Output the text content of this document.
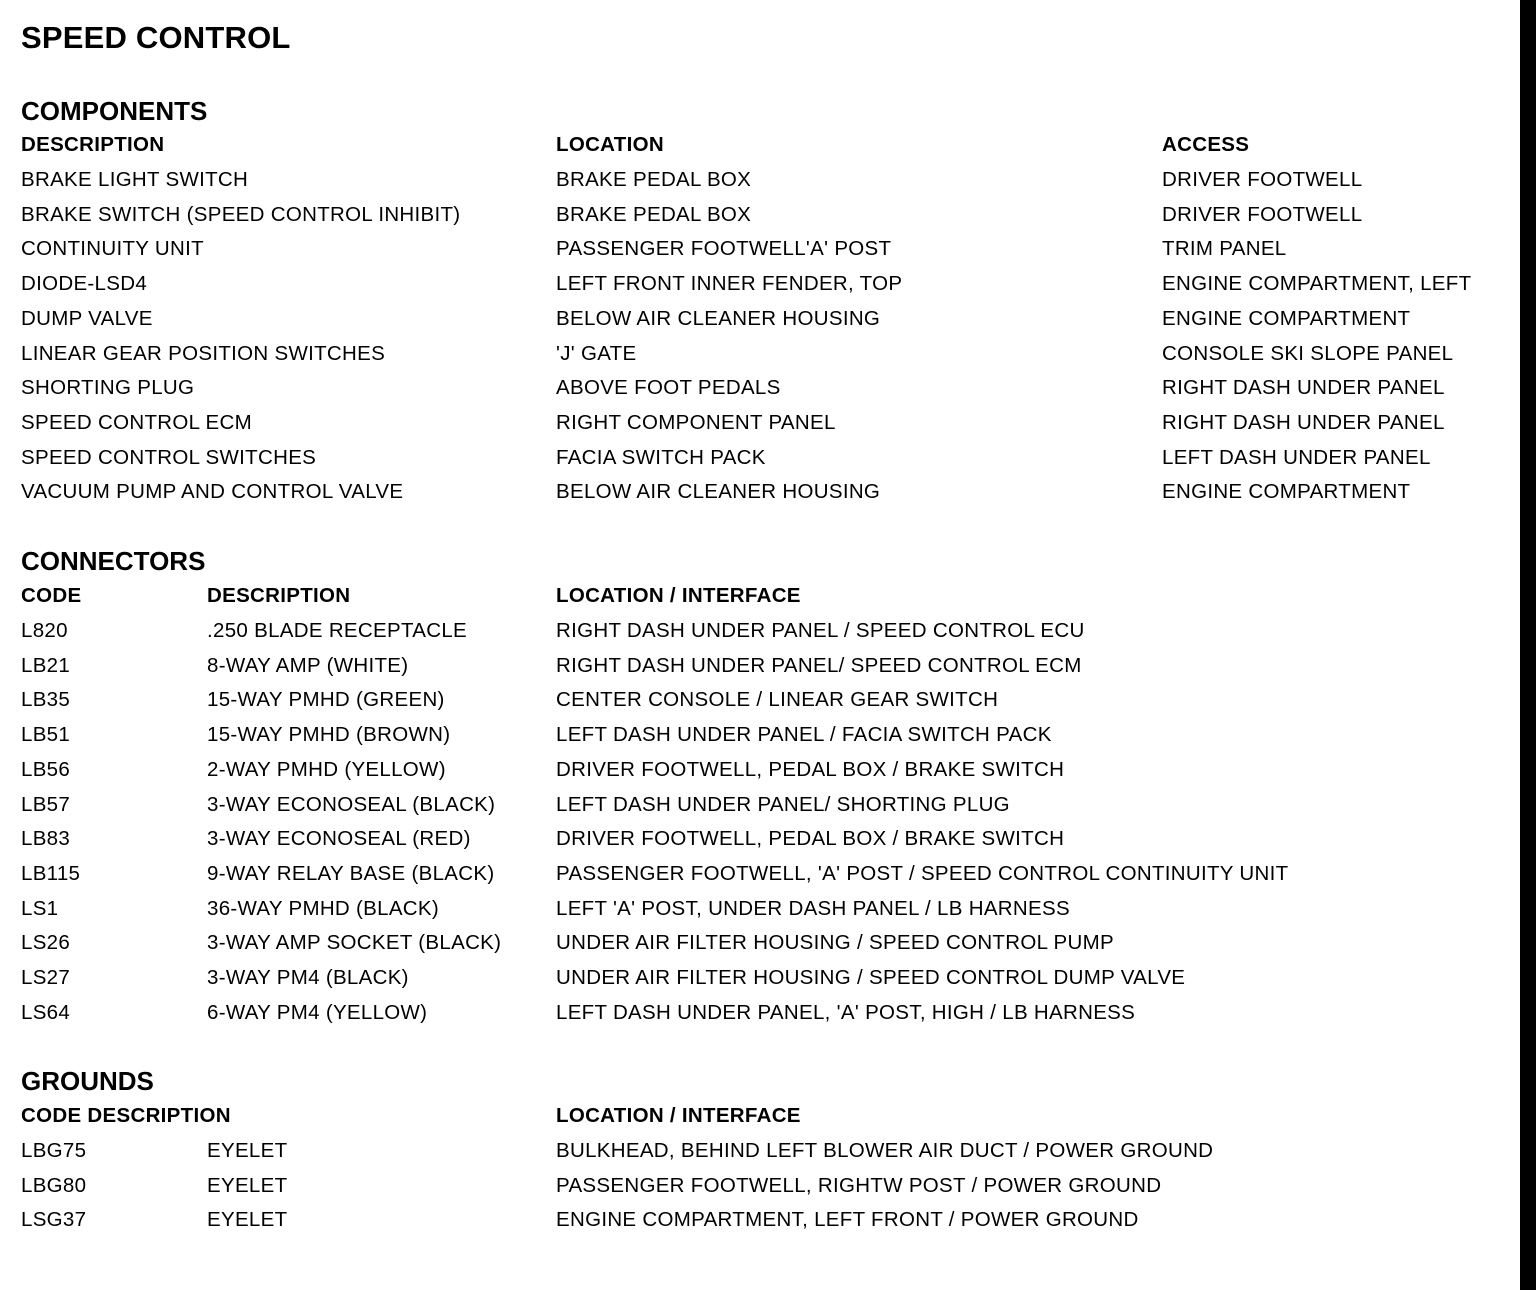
SPEED CONTROL
COMPONENTS
DESCRIPTION	LOCATION	ACCESS
BRAKE LIGHT SWITCH	BRAKE PEDAL BOX	DRIVER FOOTWELL
BRAKE SWITCH (SPEED CONTROL INHIBIT)	BRAKE PEDAL BOX	DRIVER FOOTWELL
CONTINUITY UNIT	PASSENGER FOOTWELL'A' POST	TRIM PANEL
DIODE-LSD4	LEFT FRONT INNER FENDER, TOP	ENGINE COMPARTMENT, LEFT
DUMP VALVE	BELOW AIR CLEANER HOUSING	ENGINE COMPARTMENT
LINEAR GEAR POSITION SWITCHES	'J' GATE	CONSOLE SKI SLOPE PANEL
SHORTING PLUG	ABOVE FOOT PEDALS	RIGHT DASH UNDER PANEL
SPEED CONTROL ECM	RIGHT COMPONENT PANEL	RIGHT DASH UNDER PANEL
SPEED CONTROL SWITCHES	FACIA SWITCH PACK	LEFT DASH UNDER PANEL
VACUUM PUMP AND CONTROL VALVE	BELOW AIR CLEANER HOUSING	ENGINE COMPARTMENT
CONNECTORS
CODE	DESCRIPTION	LOCATION / INTERFACE
L820	.250 BLADE RECEPTACLE	RIGHT DASH UNDER PANEL / SPEED CONTROL ECU
LB21	8-WAY AMP (WHITE)	RIGHT DASH UNDER PANEL/ SPEED CONTROL ECM
LB35	15-WAY PMHD (GREEN)	CENTER CONSOLE / LINEAR GEAR SWITCH
LB51	15-WAY PMHD (BROWN)	LEFT DASH UNDER PANEL / FACIA SWITCH PACK
LB56	2-WAY PMHD (YELLOW)	DRIVER FOOTWELL, PEDAL BOX / BRAKE SWITCH
LB57	3-WAY ECONOSEAL (BLACK)	LEFT DASH UNDER PANEL/ SHORTING PLUG
LB83	3-WAY ECONOSEAL (RED)	DRIVER FOOTWELL, PEDAL BOX / BRAKE SWITCH
LB115	9-WAY RELAY BASE (BLACK)	PASSENGER FOOTWELL, 'A' POST / SPEED CONTROL CONTINUITY UNIT
LS1	36-WAY PMHD (BLACK)	LEFT 'A' POST, UNDER DASH PANEL / LB HARNESS
LS26	3-WAY AMP SOCKET (BLACK)	UNDER AIR FILTER HOUSING / SPEED CONTROL PUMP
LS27	3-WAY PM4 (BLACK)	UNDER AIR FILTER HOUSING / SPEED CONTROL DUMP VALVE
LS64	6-WAY PM4 (YELLOW)	LEFT DASH UNDER PANEL, 'A' POST, HIGH / LB HARNESS
GROUNDS
CODE DESCRIPTION	LOCATION / INTERFACE
LBG75	EYELET	BULKHEAD, BEHIND LEFT BLOWER AIR DUCT / POWER GROUND
LBG80	EYELET	PASSENGER FOOTWELL, RIGHTW POST / POWER GROUND
LSG37	EYELET	ENGINE COMPARTMENT, LEFT FRONT / POWER GROUND
